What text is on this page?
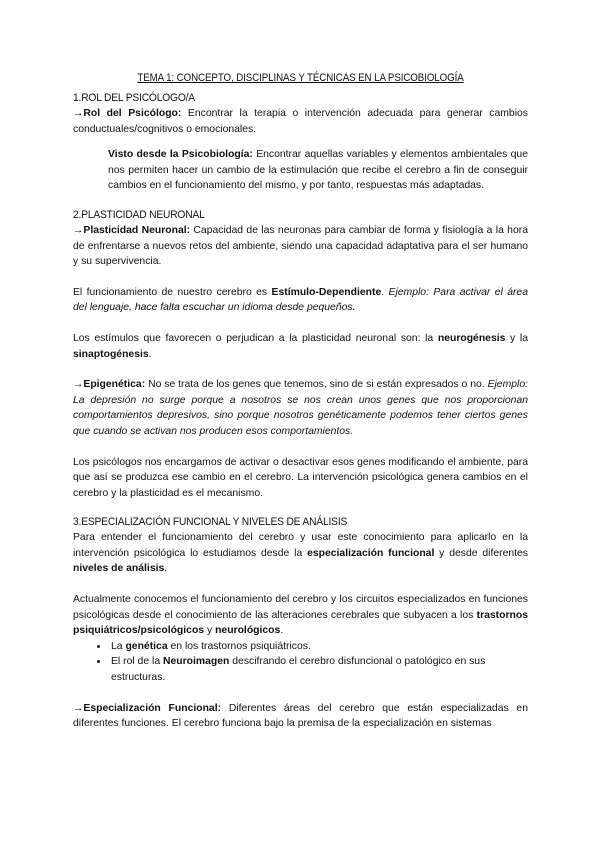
TEMA 1: CONCEPTO, DISCIPLINAS Y TÉCNICAS EN LA PSICOBIOLOGÍA
1.ROL DEL PSICÓLOGO/A

→Rol del Psicólogo: Encontrar la terapia o intervención adecuada para generar cambios conductuales/cognitivos o emocionales.

Visto desde la Psicobiología: Encontrar aquellas variables y elementos ambientales que nos permiten hacer un cambio de la estimulación que recibe el cerebro a fin de conseguir cambios en el funcionamiento del mismo, y por tanto, respuestas más adaptadas.

2.PLASTICIDAD NEURONAL

→Plasticidad Neuronal: Capacidad de las neuronas para cambiar de forma y fisiología a la hora de enfrentarse a nuevos retos del ambiente, siendo una capacidad adaptativa para el ser humano y su supervivencia.

El funcionamiento de nuestro cerebro es Estímulo-Dependiente. Ejemplo: Para activar el área del lenguaje, hace falta escuchar un idioma desde pequeños.

Los estímulos que favorecen o perjudican a la plasticidad neuronal son: la neurogénesis y la sinaptogénesis.

→Epigenética: No se trata de los genes que tenemos, sino de si están expresados o no. Ejemplo: La depresión no surge porque a nosotros se nos crean unos genes que nos proporcionan comportamientos depresivos, sino porque nosotros genéticamente podemos tener ciertos genes que cuando se activan nos producen esos comportamientos.

Los psicólogos nos encargamos de activar o desactivar esos genes modificando el ambiente, para que así se produzca ese cambio en el cerebro. La intervención psicológica genera cambios en el cerebro y la plasticidad es el mecanismo.

3.ESPECIALIZACIÓN FUNCIONAL Y NIVELES DE ANÁLISIS

Para entender el funcionamiento del cerebro y usar este conocimiento para aplicarlo en la intervención psicológica lo estudiamos desde la especialización funcional y desde diferentes niveles de análisis.

Actualmente conocemos el funcionamiento del cerebro y los circuitos especializados en funciones psicológicas desde el conocimiento de las alteraciones cerebrales que subyacen a los trastornos psiquiátricos/psicológicos y neurológicos.

• La genética en los trastornos psiquiátricos.
• El rol de la Neuroimagen descifrando el cerebro disfuncional o patológico en sus estructuras.

→Especialización Funcional: Diferentes áreas del cerebro que están especializadas en diferentes funciones. El cerebro funciona bajo la premisa de la especialización en sistemas
